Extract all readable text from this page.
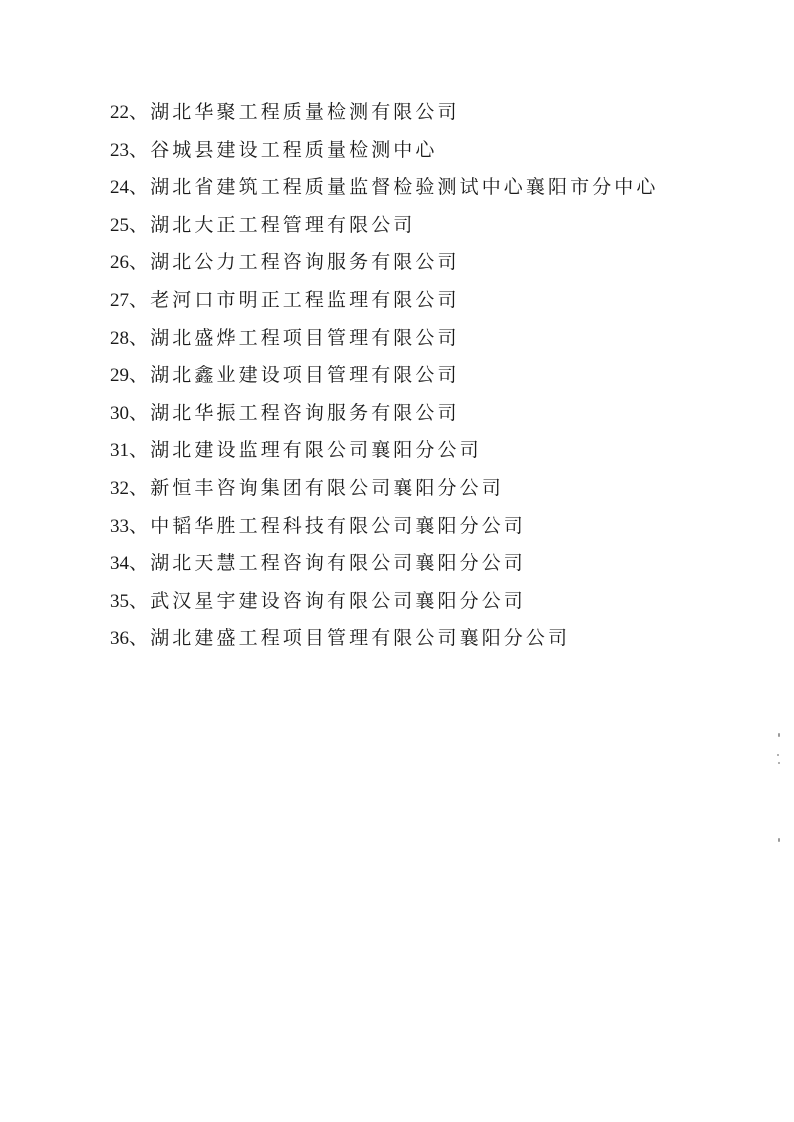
22、湖北华聚工程质量检测有限公司
23、谷城县建设工程质量检测中心
24、湖北省建筑工程质量监督检验测试中心襄阳市分中心
25、湖北大正工程管理有限公司
26、湖北公力工程咨询服务有限公司
27、老河口市明正工程监理有限公司
28、湖北盛烨工程项目管理有限公司
29、湖北鑫业建设项目管理有限公司
30、湖北华振工程咨询服务有限公司
31、湖北建设监理有限公司襄阳分公司
32、新恒丰咨询集团有限公司襄阳分公司
33、中韬华胜工程科技有限公司襄阳分公司
34、湖北天慧工程咨询有限公司襄阳分公司
35、武汉星宇建设咨询有限公司襄阳分公司
36、湖北建盛工程项目管理有限公司襄阳分公司
